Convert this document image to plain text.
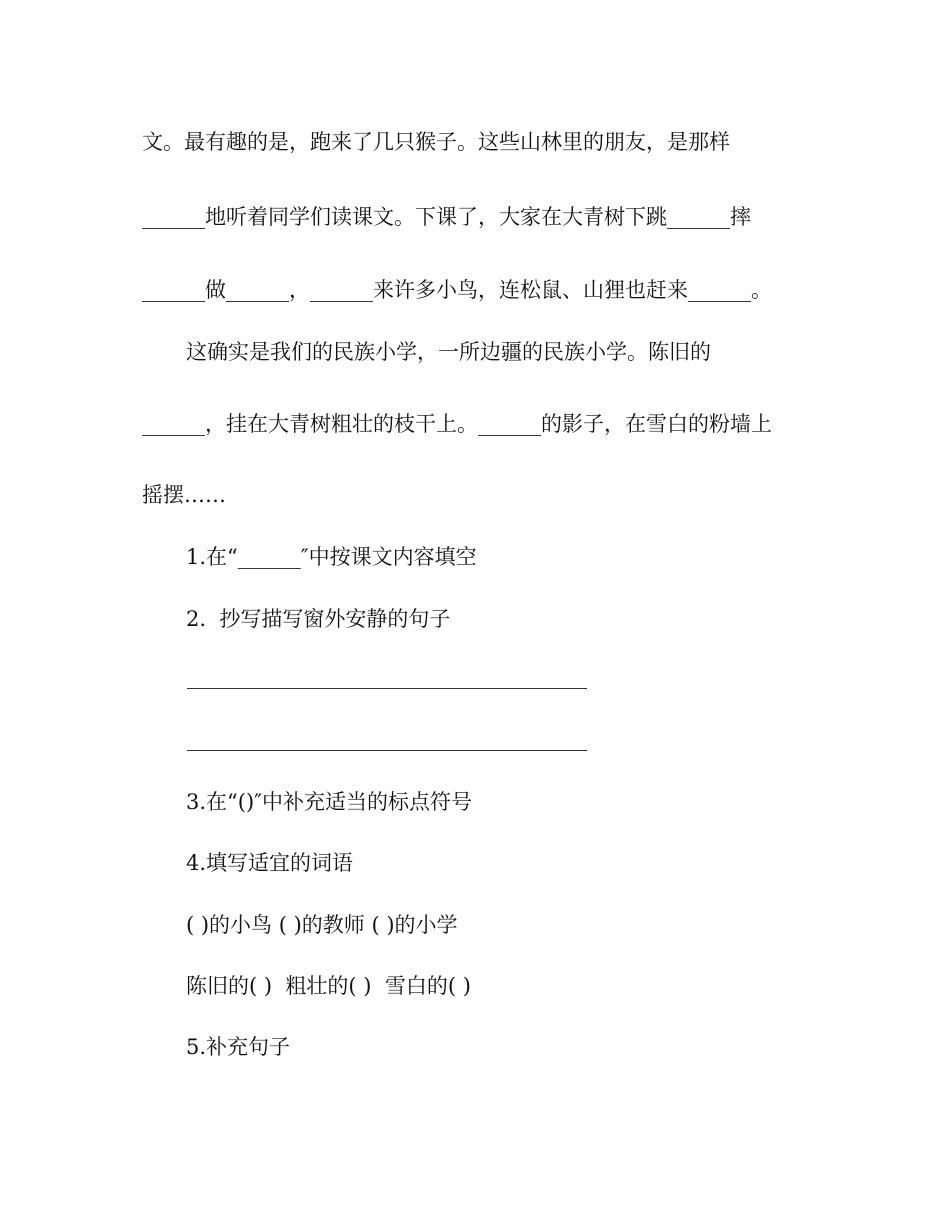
文。最有趣的是，跑来了几只猴子。这些山林里的朋友，是那样

______地听着同学们读课文。下课了，大家在大青树下跳______摔

______做______，______来许多小鸟，连松鼠、山狸也赶来______。

这确实是我们的民族小学，一所边疆的民族小学。陈旧的

______，挂在大青树粗壮的枝干上。______的影子，在雪白的粉墙上

摇摆……

1.在“______″中按课文内容填空

2.  抄写描写窗外安静的句子

3.在“()″中补充适当的标点符号

4.填写适宜的词语

( )的小鸟 ( )的教师 ( )的小学

陈旧的( )  粗壮的( )  雪白的( )

5.补充句子
